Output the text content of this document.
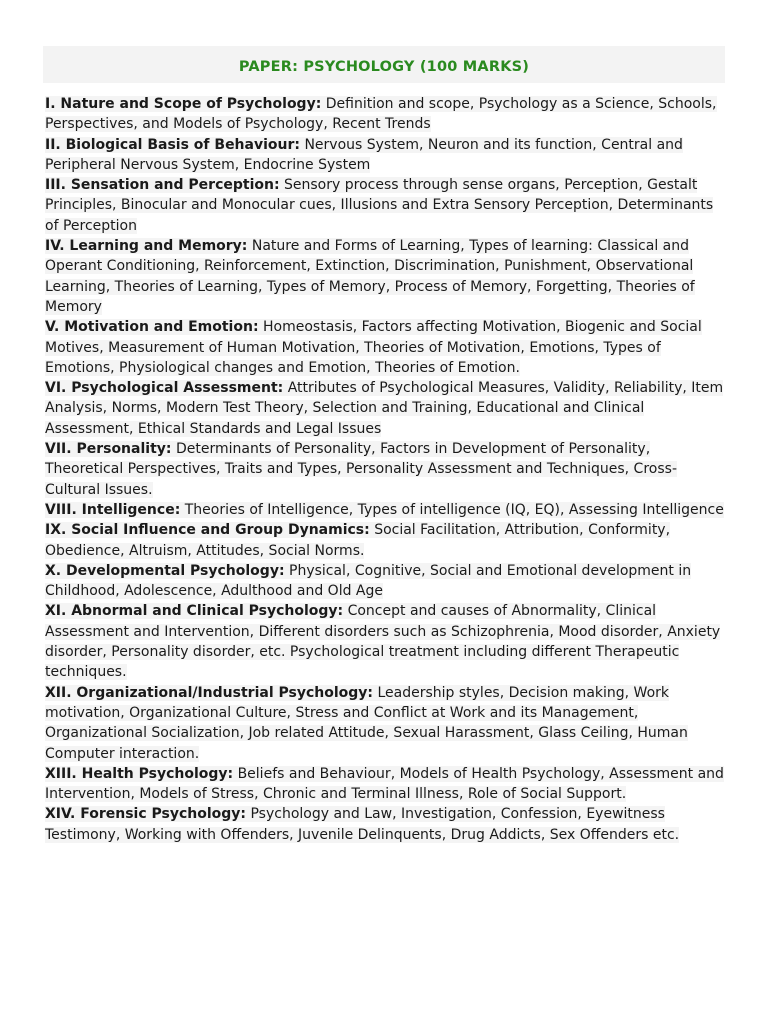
PAPER: PSYCHOLOGY (100 MARKS)

I. Nature and Scope of Psychology: Definition and scope, Psychology as a Science, Schools, Perspectives, and Models of Psychology, Recent Trends

II. Biological Basis of Behaviour: Nervous System, Neuron and its function, Central and Peripheral Nervous System, Endocrine System

III. Sensation and Perception: Sensory process through sense organs, Perception, Gestalt Principles, Binocular and Monocular cues, Illusions and Extra Sensory Perception, Determinants of Perception

IV. Learning and Memory: Nature and Forms of Learning, Types of learning: Classical and Operant Conditioning, Reinforcement, Extinction, Discrimination, Punishment, Observational Learning, Theories of Learning, Types of Memory, Process of Memory, Forgetting, Theories of Memory

V. Motivation and Emotion: Homeostasis, Factors affecting Motivation, Biogenic and Social Motives, Measurement of Human Motivation, Theories of Motivation, Emotions, Types of Emotions, Physiological changes and Emotion, Theories of Emotion.

VI. Psychological Assessment: Attributes of Psychological Measures, Validity, Reliability, Item Analysis, Norms, Modern Test Theory, Selection and Training, Educational and Clinical Assessment, Ethical Standards and Legal Issues

VII. Personality: Determinants of Personality, Factors in Development of Personality, Theoretical Perspectives, Traits and Types, Personality Assessment and Techniques, Cross-Cultural Issues.

VIII. Intelligence: Theories of Intelligence, Types of intelligence (IQ, EQ), Assessing Intelligence

IX. Social Influence and Group Dynamics: Social Facilitation, Attribution, Conformity, Obedience, Altruism, Attitudes, Social Norms.

X. Developmental Psychology: Physical, Cognitive, Social and Emotional development in Childhood, Adolescence, Adulthood and Old Age

XI. Abnormal and Clinical Psychology: Concept and causes of Abnormality, Clinical Assessment and Intervention, Different disorders such as Schizophrenia, Mood disorder, Anxiety disorder, Personality disorder, etc. Psychological treatment including different Therapeutic techniques.

XII. Organizational/Industrial Psychology: Leadership styles, Decision making, Work motivation, Organizational Culture, Stress and Conflict at Work and its Management, Organizational Socialization, Job related Attitude, Sexual Harassment, Glass Ceiling, Human Computer interaction.

XIII. Health Psychology: Beliefs and Behaviour, Models of Health Psychology, Assessment and Intervention, Models of Stress, Chronic and Terminal Illness, Role of Social Support.

XIV. Forensic Psychology: Psychology and Law, Investigation, Confession, Eyewitness Testimony, Working with Offenders, Juvenile Delinquents, Drug Addicts, Sex Offenders etc.
